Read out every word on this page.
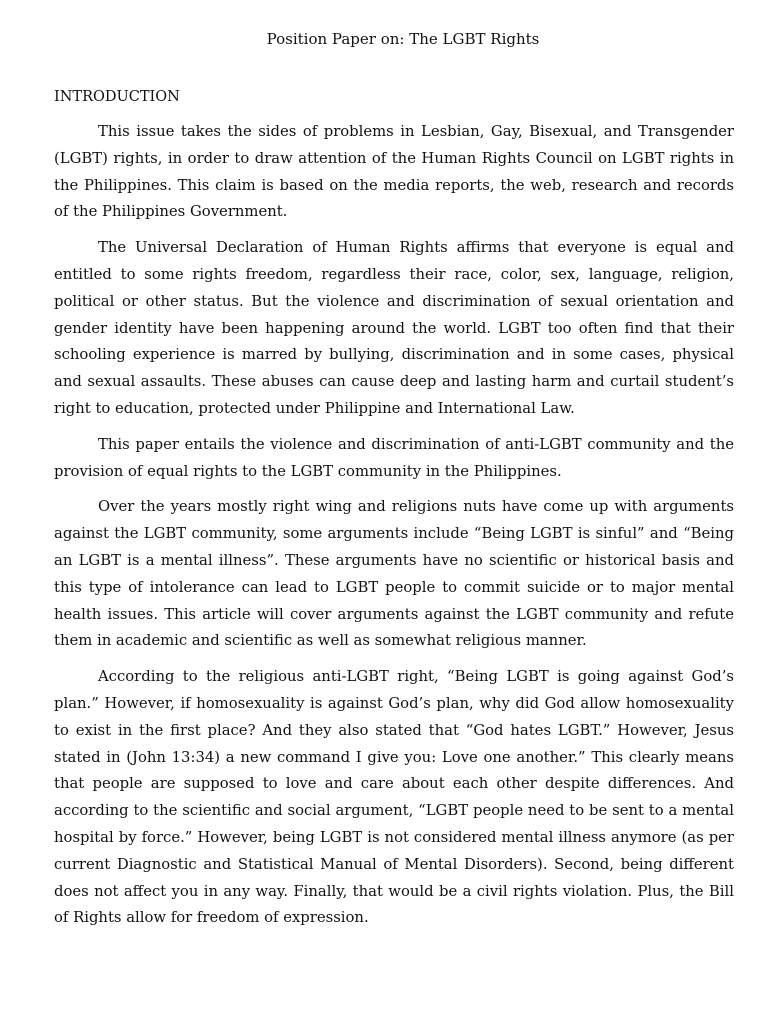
Position Paper on: The LGBT Rights
INTRODUCTION

This issue takes the sides of problems in Lesbian, Gay, Bisexual, and Transgender (LGBT) rights, in order to draw attention of the Human Rights Council on LGBT rights in the Philippines. This claim is based on the media reports, the web, research and records of the Philippines Government.

The Universal Declaration of Human Rights affirms that everyone is equal and entitled to some rights freedom, regardless their race, color, sex, language, religion, political or other status. But the violence and discrimination of sexual orientation and gender identity have been happening around the world. LGBT too often find that their schooling experience is marred by bullying, discrimination and in some cases, physical and sexual assaults. These abuses can cause deep and lasting harm and curtail student’s right to education, protected under Philippine and International Law.

This paper entails the violence and discrimination of anti-LGBT community and the provision of equal rights to the LGBT community in the Philippines.

Over the years mostly right wing and religions nuts have come up with arguments against the LGBT community, some arguments include “Being LGBT is sinful” and “Being an LGBT is a mental illness”. These arguments have no scientific or historical basis and this type of intolerance can lead to LGBT people to commit suicide or to major mental health issues. This article will cover arguments against the LGBT community and refute them in academic and scientific as well as somewhat religious manner.

According to the religious anti-LGBT right, “Being LGBT is going against God’s plan.” However, if homosexuality is against God’s plan, why did God allow homosexuality to exist in the first place? And they also stated that “God hates LGBT.” However, Jesus stated in (John 13:34) a new command I give you: Love one another.” This clearly means that people are supposed to love and care about each other despite differences. And according to the scientific and social argument, “LGBT people need to be sent to a mental hospital by force.” However, being LGBT is not considered mental illness anymore (as per current Diagnostic and Statistical Manual of Mental Disorders). Second, being different does not affect you in any way. Finally, that would be a civil rights violation. Plus, the Bill of Rights allow for freedom of expression.
